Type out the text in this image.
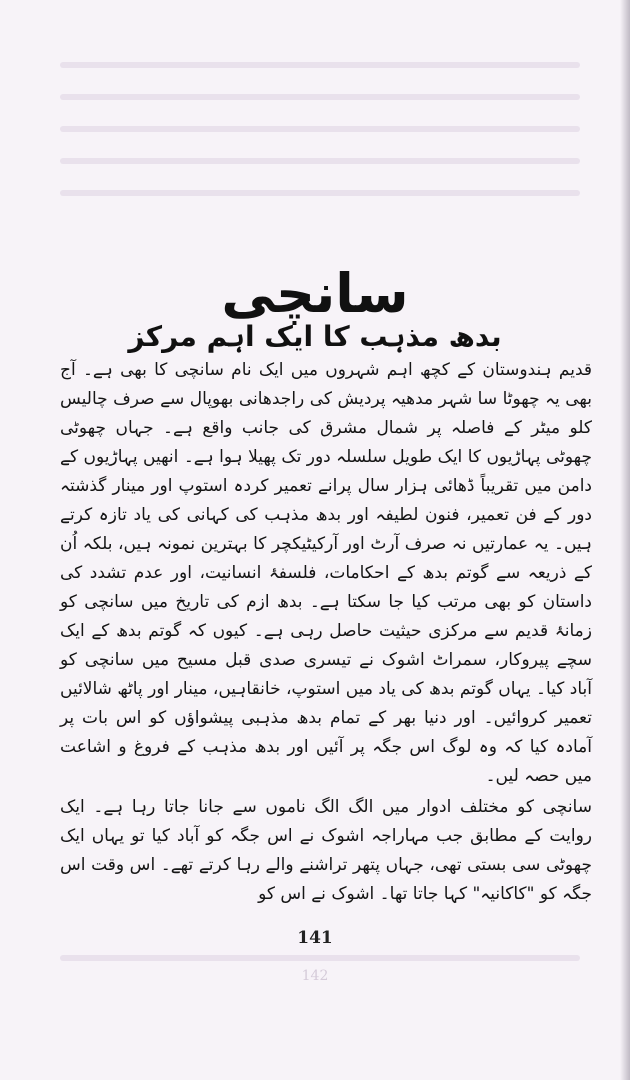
سانچی
بدھ مذہب کا ایک اہم مرکز

قدیم ہندوستان کے کچھ اہم شہروں میں ایک نام سانچی کا بھی ہے۔ آج بھی یہ چھوٹا سا شہر مدھیہ پردیش کی راجدھانی بھوپال سے صرف چالیس کلو میٹر کے فاصلہ پر شمال مشرق کی جانب واقع ہے۔ جہاں چھوٹی چھوٹی پہاڑیوں کا ایک طویل سلسلہ دور تک پھیلا ہوا ہے۔ انھیں پہاڑیوں کے دامن میں تقریباً ڈھائی ہزار سال پرانے تعمیر کردہ استوپ اور مینار گذشتہ دور کے فن تعمیر، فنون لطیفہ اور بدھ مذہب کی کہانی کی یاد تازہ کرتے ہیں۔ یہ عمارتیں نہ صرف آرٹ اور آرکیٹیکچر کا بہترین نمونہ ہیں، بلکہ اُن کے ذریعہ سے گوتم بدھ کے احکامات، فلسفۂ انسانیت، اور عدم تشدد کی داستان کو بھی مرتب کیا جا سکتا ہے۔ بدھ ازم کی تاریخ میں سانچی کو زمانۂ قدیم سے مرکزی حیثیت حاصل رہی ہے۔ کیوں کہ گوتم بدھ کے ایک سچے پیروکار، سمراٹ اشوک نے تیسری صدی قبل مسیح میں سانچی کو آباد کیا۔ یہاں گوتم بدھ کی یاد میں استوپ، خانقاہیں، مینار اور پاٹھ شالائیں تعمیر کروائیں۔ اور دنیا بھر کے تمام بدھ مذہبی پیشواؤں کو اس بات پر آمادہ کیا کہ وہ لوگ اس جگہ پر آئیں اور بدھ مذہب کے فروغ و اشاعت میں حصہ لیں۔

سانچی کو مختلف ادوار میں الگ الگ ناموں سے جانا جاتا رہا ہے۔ ایک روایت کے مطابق جب مہاراجہ اشوک نے اس جگہ کو آباد کیا تو یہاں ایک چھوٹی سی بستی تھی، جہاں پتھر تراشنے والے رہا کرتے تھے۔ اس وقت اس جگہ کو "کاکانیہ" کہا جاتا تھا۔ اشوک نے اس کو

141
142
